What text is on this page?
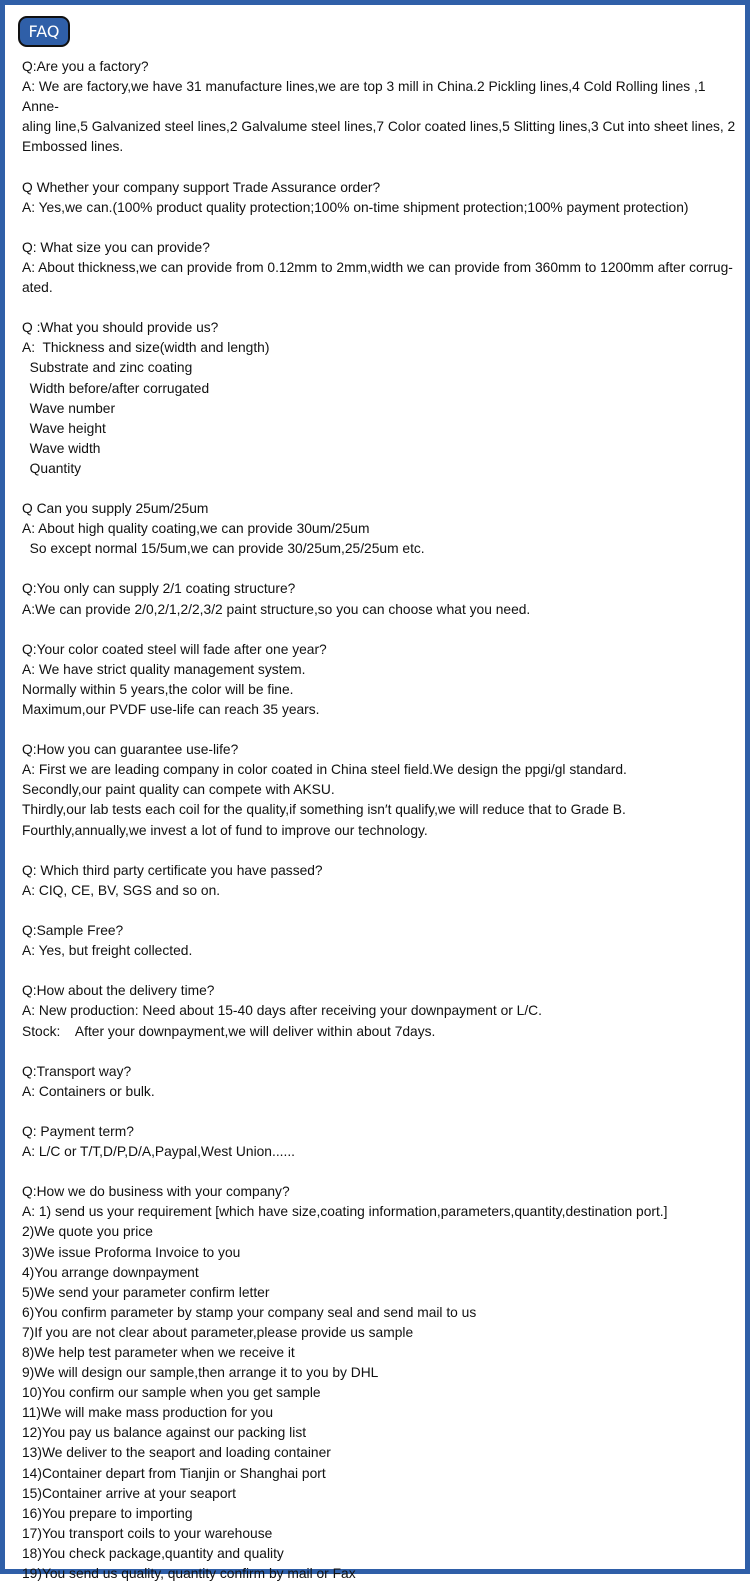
FAQ

Q:Are you a factory?

A: We are factory,we have 31 manufacture lines,we are top 3 mill in China.2 Pickling lines,4 Cold Rolling lines ,1 Anne-

aling line,5 Galvanized steel lines,2 Galvalume steel lines,7 Color coated lines,5 Slitting lines,3 Cut into sheet lines, 2

Embossed lines.

Q Whether your company support Trade Assurance order?

A: Yes,we can.(100% product quality protection;100% on-time shipment protection;100% payment protection)

Q: What size you can provide?

A: About thickness,we can provide from 0.12mm to 2mm,width we can provide from 360mm to 1200mm after corrug-

ated.

Q :What you should provide us?

A:  Thickness and size(width and length)

Substrate and zinc coating

Width before/after corrugated

Wave number

Wave height

Wave width

Quantity

Q Can you supply 25um/25um

A: About high quality coating,we can provide 30um/25um

So except normal 15/5um,we can provide 30/25um,25/25um etc.

Q:You only can supply 2/1 coating structure?

A:We can provide 2/0,2/1,2/2,3/2 paint structure,so you can choose what you need.

Q:Your color coated steel will fade after one year?

A: We have strict quality management system.

Normally within 5 years,the color will be fine.

Maximum,our PVDF use-life can reach 35 years.

Q:How you can guarantee use-life?

A: First we are leading company in color coated in China steel field.We design the ppgi/gl standard.

Secondly,our paint quality can compete with AKSU.

Thirdly,our lab tests each coil for the quality,if something isn′t qualify,we will reduce that to Grade B.

Fourthly,annually,we invest a lot of fund to improve our technology.

Q: Which third party certificate you have passed?

A: CIQ, CE, BV, SGS and so on.

Q:Sample Free?

A: Yes, but freight collected.

Q:How about the delivery time?

A: New production: Need about 15-40 days after receiving your downpayment or L/C.

Stock:    After your downpayment,we will deliver within about 7days.

Q:Transport way?

A: Containers or bulk.

Q: Payment term?

A: L/C or T/T,D/P,D/A,Paypal,West Union......

Q:How we do business with your company?

A: 1) send us your requirement [which have size,coating information,parameters,quantity,destination port.]

2)We quote you price

3)We issue Proforma Invoice to you

4)You arrange downpayment

5)We send your parameter confirm letter

6)You confirm parameter by stamp your company seal and send mail to us

7)If you are not clear about parameter,please provide us sample

8)We help test parameter when we receive it

9)We will design our sample,then arrange it to you by DHL

10)You confirm our sample when you get sample

11)We will make mass production for you

12)You pay us balance against our packing list

13)We deliver to the seaport and loading container

14)Container depart from Tianjin or Shanghai port

15)Container arrive at your seaport

16)You prepare to importing

17)You transport coils to your warehouse

18)You check package,quantity and quality

19)You send us quality, quantity confirm by mail or Fax
